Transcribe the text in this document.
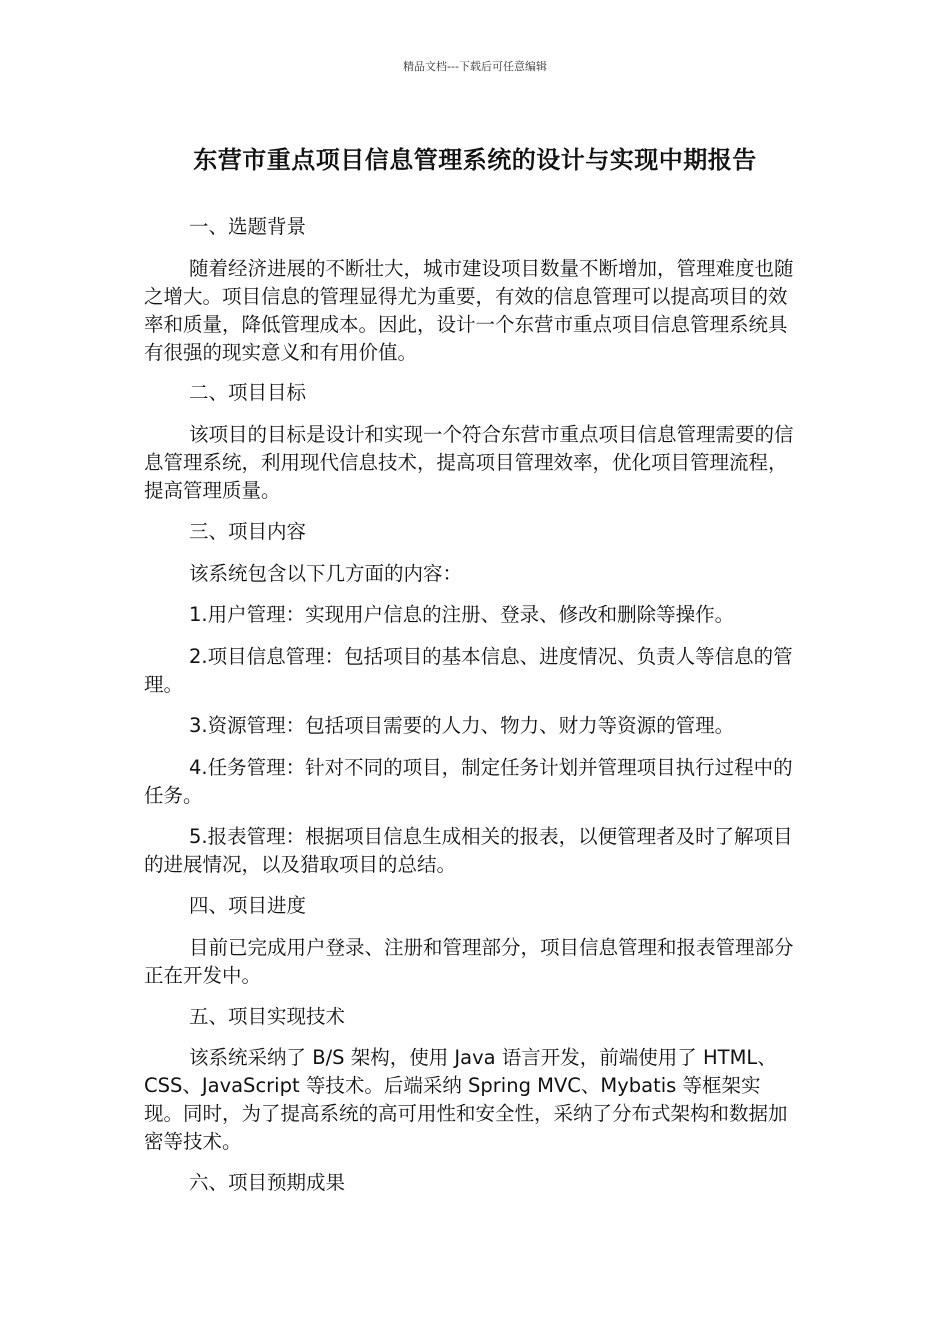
精品文档---下载后可任意编辑
东营市重点项目信息管理系统的设计与实现中期报告

一、选题背景

随着经济进展的不断壮大，城市建设项目数量不断增加，管理难度也随之增大。项目信息的管理显得尤为重要，有效的信息管理可以提高项目的效率和质量，降低管理成本。因此，设计一个东营市重点项目信息管理系统具有很强的现实意义和有用价值。

二、项目目标

该项目的目标是设计和实现一个符合东营市重点项目信息管理需要的信息管理系统，利用现代信息技术，提高项目管理效率，优化项目管理流程，提高管理质量。

三、项目内容

该系统包含以下几方面的内容：

1.用户管理：实现用户信息的注册、登录、修改和删除等操作。

2.项目信息管理：包括项目的基本信息、进度情况、负责人等信息的管理。

3.资源管理：包括项目需要的人力、物力、财力等资源的管理。

4.任务管理：针对不同的项目，制定任务计划并管理项目执行过程中的任务。

5.报表管理：根据项目信息生成相关的报表，以便管理者及时了解项目的进展情况，以及猎取项目的总结。

四、项目进度

目前已完成用户登录、注册和管理部分，项目信息管理和报表管理部分正在开发中。

五、项目实现技术

该系统采纳了 B/S 架构，使用 Java 语言开发，前端使用了 HTML、CSS、JavaScript 等技术。后端采纳 Spring MVC、Mybatis 等框架实现。同时，为了提高系统的高可用性和安全性，采纳了分布式架构和数据加密等技术。

六、项目预期成果
